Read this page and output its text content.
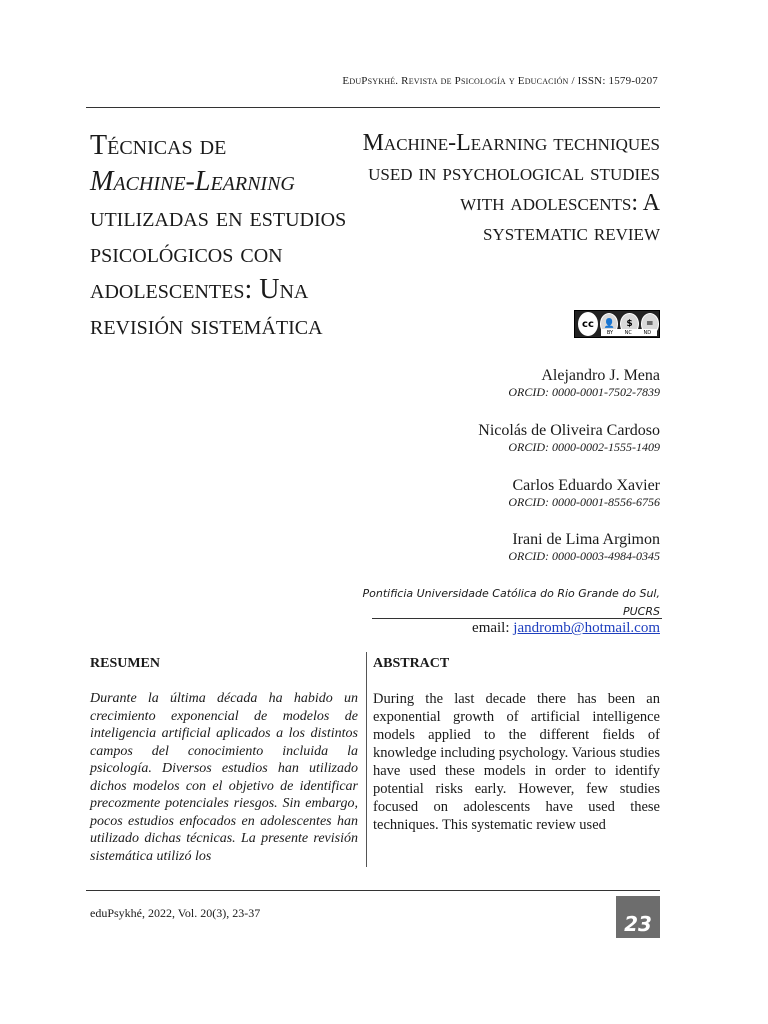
EduPsykhé. Revista de Psicología y Educación / ISSN: 1579-0207
Técnicas de
Machine-Learning
utilizadas en estudios psicológicos con adolescentes: Una revisión sistemática
Machine-Learning techniques used in psychological studies with adolescents: A systematic review
cc	👤	$	=
BY NC ND
Alejandro J. Mena
ORCID: 0000-0001-7502-7839
Nicolás de Oliveira Cardoso
ORCID: 0000-0002-1555-1409
Carlos Eduardo Xavier
ORCID: 0000-0001-8556-6756
Irani de Lima Argimon
ORCID: 0000-0003-4984-0345
Pontificia Universidade Católica do Rio Grande do Sul, PUCRS
email: jandromb@hotmail.com
RESUMEN	ABSTRACT
Durante la última década ha habido un crecimiento exponencial de modelos de inteligencia artificial aplicados a los distintos campos del conocimiento incluida la psicología. Diversos estudios han utilizado dichos modelos con el objetivo de identificar precozmente potenciales riesgos. Sin embargo, pocos estudios enfocados en adolescentes han utilizado dichas técnicas. La presente revisión sistemática utilizó los
During the last decade there has been an exponential growth of artificial intelligence models applied to the different fields of knowledge including psychology. Various studies have used these models in order to identify potential risks early. However, few studies focused on adolescents have used these techniques. This systematic review used
eduPsykhé, 2022, Vol. 20(3), 23-37	23
